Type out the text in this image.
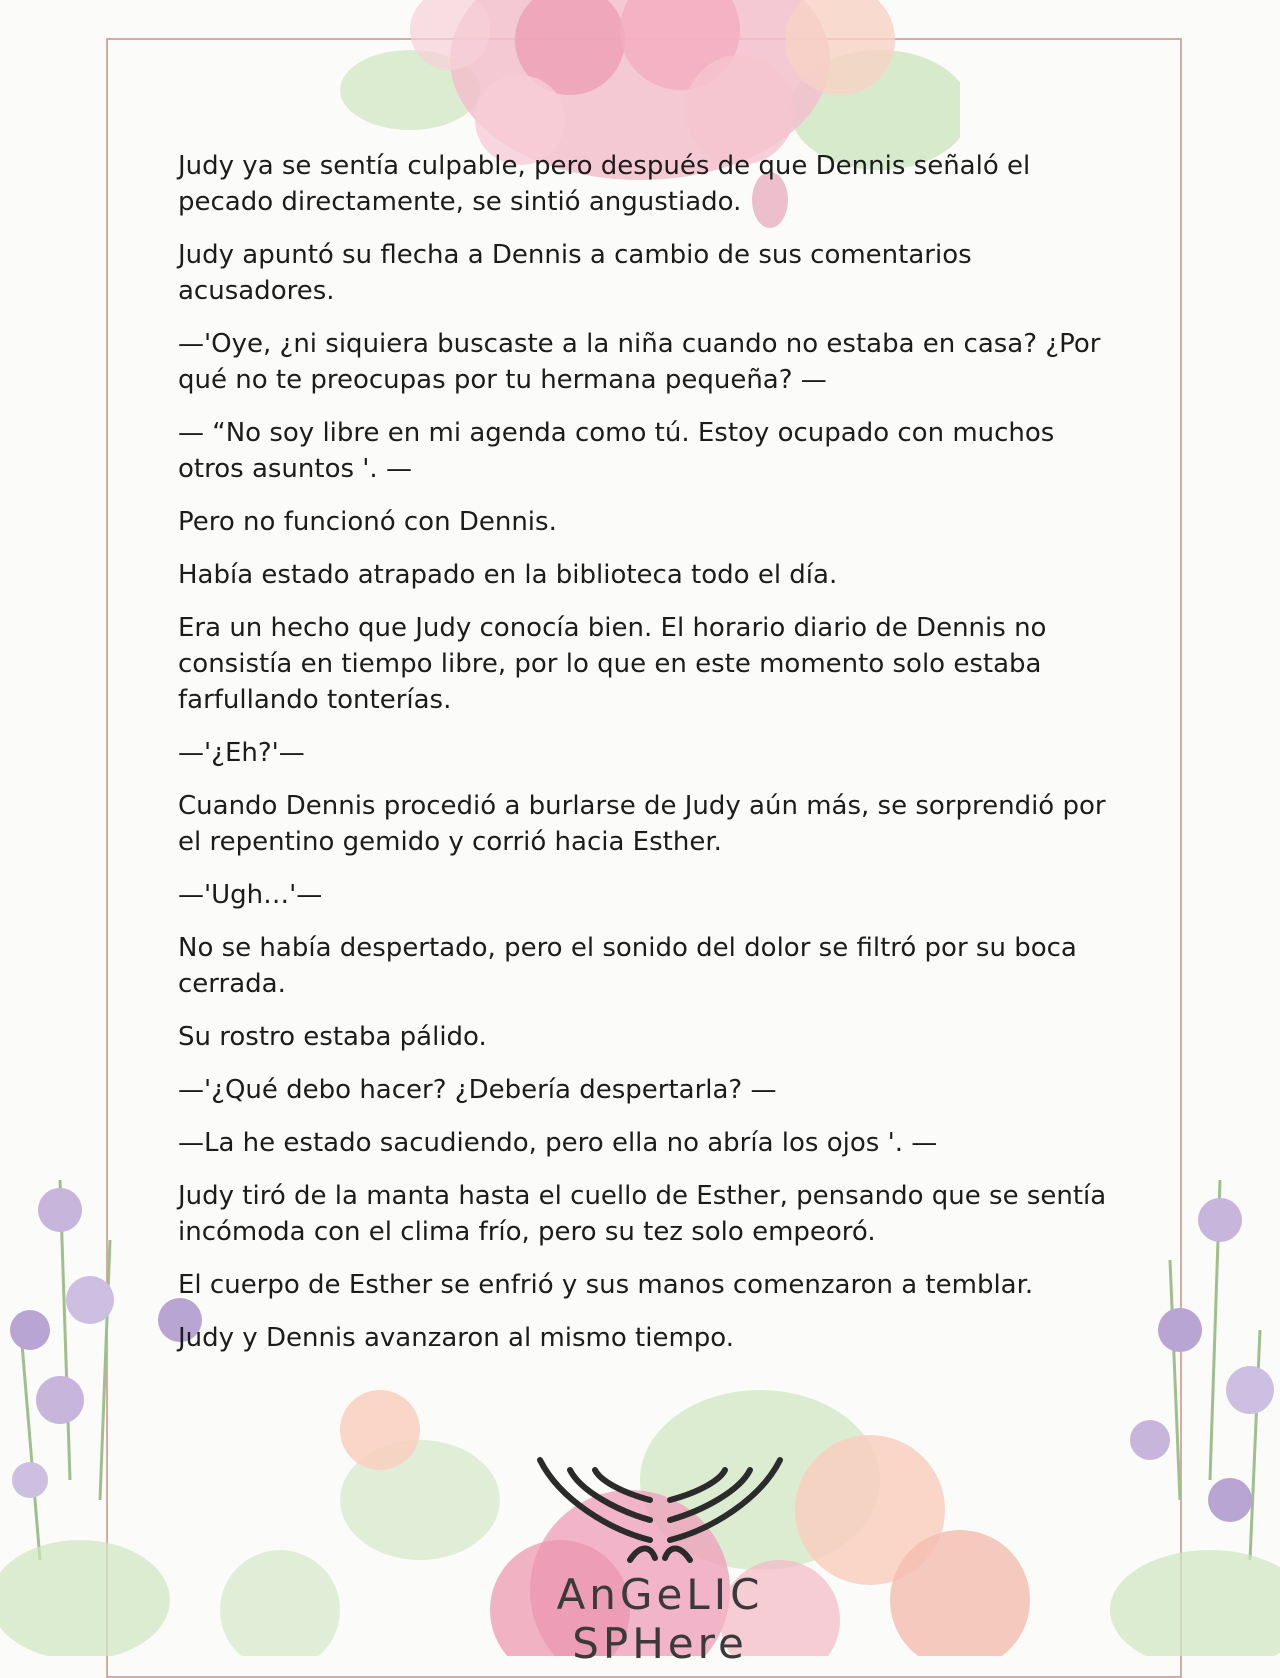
Judy ya se sentía culpable, pero después de que Dennis señaló el pecado directamente, se sintió angustiado.

Judy apuntó su flecha a Dennis a cambio de sus comentarios acusadores.

—'Oye, ¿ni siquiera buscaste a la niña cuando no estaba en casa? ¿Por qué no te preocupas por tu hermana pequeña? —

— “No soy libre en mi agenda como tú. Estoy ocupado con muchos otros asuntos '. —

Pero no funcionó con Dennis.

Había estado atrapado en la biblioteca todo el día.

Era un hecho que Judy conocía bien. El horario diario de Dennis no consistía en tiempo libre, por lo que en este momento solo estaba farfullando tonterías.

—'¿Eh?'—

Cuando Dennis procedió a burlarse de Judy aún más, se sorprendió por el repentino gemido y corrió hacia Esther.

—'Ugh…'—

No se había despertado, pero el sonido del dolor se filtró por su boca cerrada.

Su rostro estaba pálido.

—'¿Qué debo hacer? ¿Debería despertarla? —

—La he estado sacudiendo, pero ella no abría los ojos '. —

Judy tiró de la manta hasta el cuello de Esther, pensando que se sentía incómoda con el clima frío, pero su tez solo empeoró.

El cuerpo de Esther se enfrió y sus manos comenzaron a temblar.

Judy y Dennis avanzaron al mismo tiempo.

AnGeLIC SPHere
